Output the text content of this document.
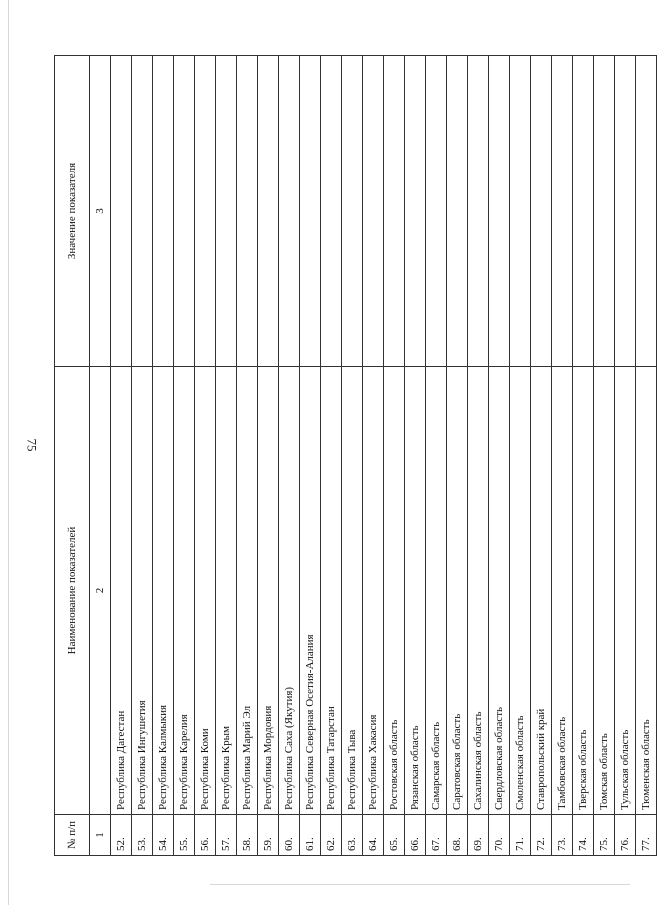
75
№ п/п	Наименование показателей	Значение показателя
1	2	3
52.	Республика Дагестан	
53.	Республика Ингушетия	
54.	Республика Калмыкия	
55.	Республика Карелия	
56.	Республика Коми	
57.	Республика Крым	
58.	Республика Марий Эл	
59.	Республика Мордовия	
60.	Республика Саха (Якутия)	
61.	Республика Северная Осетия-Алания	
62.	Республика Татарстан	
63.	Республика Тыва	
64.	Республика Хакасия	
65.	Ростовская область	
66.	Рязанская область	
67.	Самарская область	
68.	Саратовская область	
69.	Сахалинская область	
70.	Свердловская область	
71.	Смоленская область	
72.	Ставропольский край	
73.	Тамбовская область	
74.	Тверская область	
75.	Томская область	
76.	Тульская область	
77.	Тюменская область	
